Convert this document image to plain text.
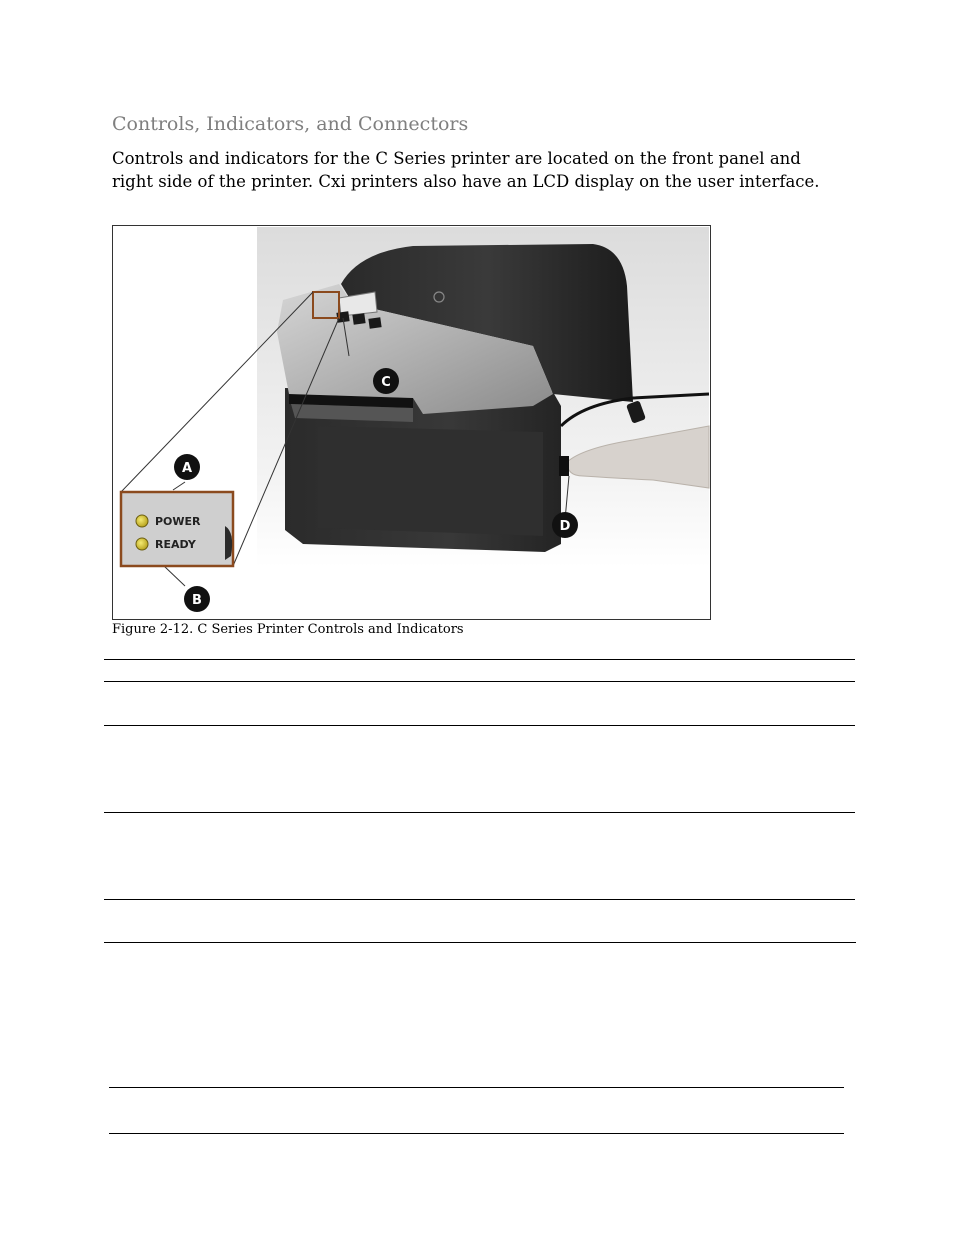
Controls, Indicators, and Connectors

Controls and indicators for the C Series printer are located on the front panel and right side of the printer. Cxi printers also have an LCD display on the user interface.

POWER
READY
C
A
D
B

Figure 2-12. C Series Printer Controls and Indicators
